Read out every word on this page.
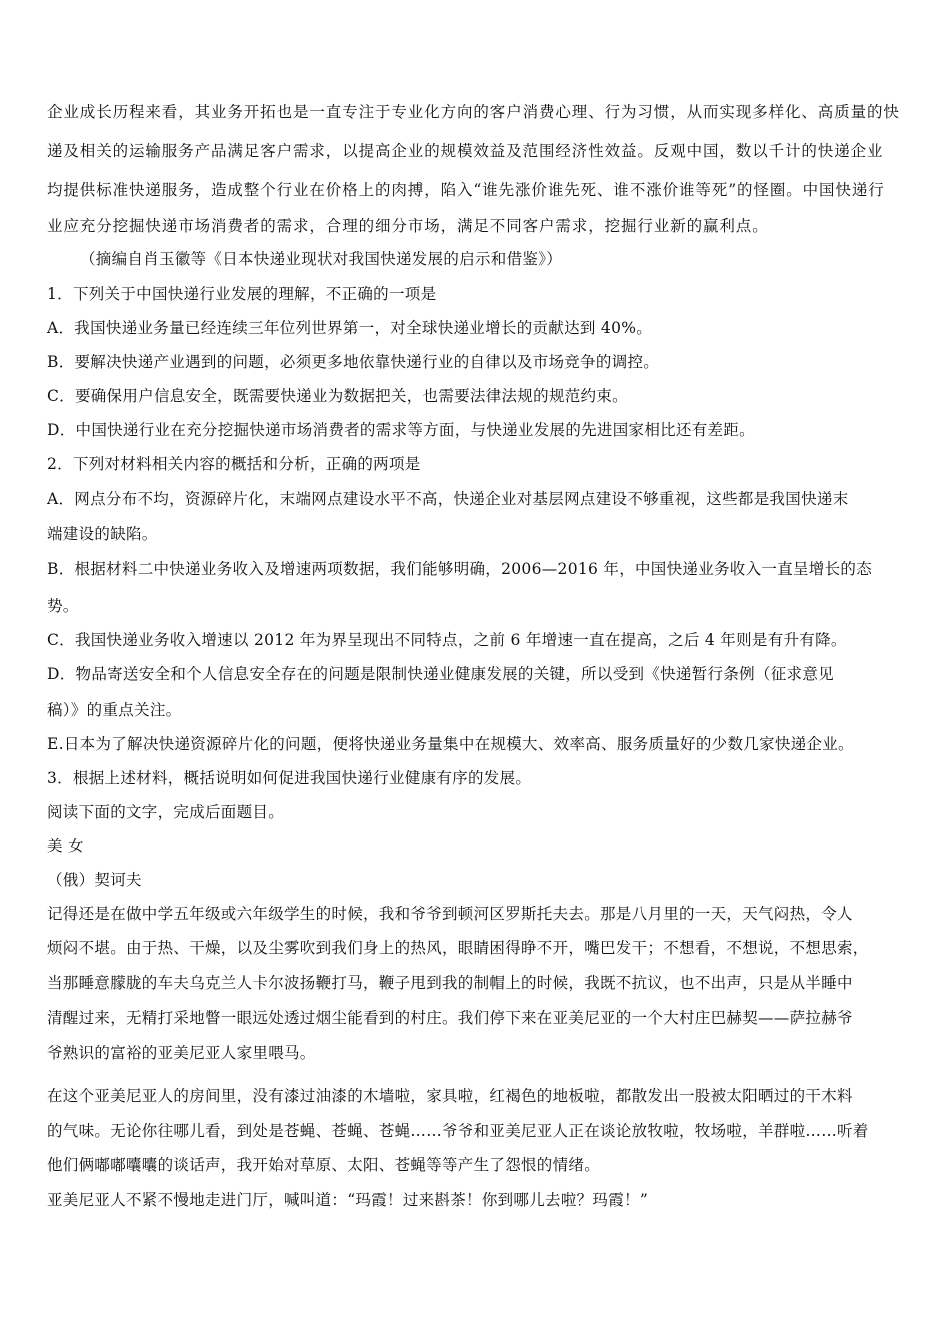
企业成长历程来看，其业务开拓也是一直专注于专业化方向的客户消费心理、行为习惯，从而实现多样化、高质量的快
递及相关的运输服务产品满足客户需求，以提高企业的规模效益及范围经济性效益。反观中国，数以千计的快递企业
均提供标准快递服务，造成整个行业在价格上的肉搏，陷入“谁先涨价谁先死、谁不涨价谁等死”的怪圈。中国快递行
业应充分挖掘快递市场消费者的需求，合理的细分市场，满足不同客户需求，挖掘行业新的赢利点。
（摘编自肖玉徽等《日本快递业现状对我国快递发展的启示和借鉴》）
1．下列关于中国快递行业发展的理解，不正确的一项是
A．我国快递业务量已经连续三年位列世界第一，对全球快递业增长的贡献达到 40%。
B．要解决快递产业遇到的问题，必须更多地依靠快递行业的自律以及市场竞争的调控。
C．要确保用户信息安全，既需要快递业为数据把关，也需要法律法规的规范约束。
D．中国快递行业在充分挖掘快递市场消费者的需求等方面，与快递业发展的先进国家相比还有差距。
2．下列对材料相关内容的概括和分析，正确的两项是
A．网点分布不均，资源碎片化，末端网点建设水平不高，快递企业对基层网点建设不够重视，这些都是我国快递末
端建设的缺陷。
B．根据材料二中快递业务收入及增速两项数据，我们能够明确，2006—2016 年，中国快递业务收入一直呈增长的态
势。
C．我国快递业务收入增速以 2012 年为界呈现出不同特点，之前 6 年增速一直在提高，之后 4 年则是有升有降。
D．物品寄送安全和个人信息安全存在的问题是限制快递业健康发展的关键，所以受到《快递暂行条例（征求意见
稿）》的重点关注。
E.日本为了解决快递资源碎片化的问题，便将快递业务量集中在规模大、效率高、服务质量好的少数几家快递企业。
3．根据上述材料，概括说明如何促进我国快递行业健康有序的发展。
阅读下面的文字，完成后面题目。
美 女
（俄）契诃夫
记得还是在做中学五年级或六年级学生的时候，我和爷爷到顿河区罗斯托夫去。那是八月里的一天，天气闷热，令人
烦闷不堪。由于热、干燥，以及尘雾吹到我们身上的热风，眼睛困得睁不开，嘴巴发干；不想看，不想说，不想思索，
当那睡意朦胧的车夫乌克兰人卡尔波扬鞭打马，鞭子甩到我的制帽上的时候，我既不抗议，也不出声，只是从半睡中
清醒过来，无精打采地瞥一眼远处透过烟尘能看到的村庄。我们停下来在亚美尼亚的一个大村庄巴赫契——萨拉赫爷
爷熟识的富裕的亚美尼亚人家里喂马。
在这个亚美尼亚人的房间里，没有漆过油漆的木墙啦，家具啦，红褐色的地板啦，都散发出一股被太阳晒过的干木料
的气味。无论你往哪儿看，到处是苍蝇、苍蝇、苍蝇……爷爷和亚美尼亚人正在谈论放牧啦，牧场啦，羊群啦……听着
他们俩嘟嘟囔囔的谈话声，我开始对草原、太阳、苍蝇等等产生了怨恨的情绪。
亚美尼亚人不紧不慢地走进门厅，喊叫道：“玛霞！过来斟茶！你到哪儿去啦？玛霞！”
